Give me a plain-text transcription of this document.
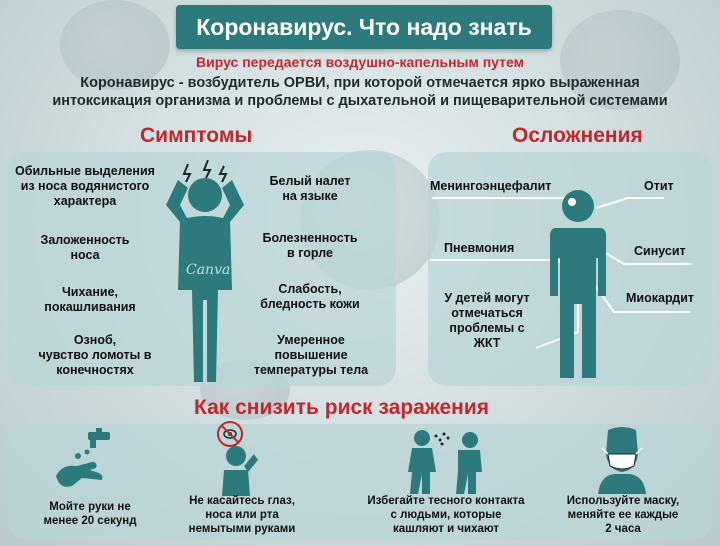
Коронавирус. Что надо знать
Вирус передается воздушно-капельным путем
Коронавирус - возбудитель ОРВИ, при которой отмечается ярко выраженная
интоксикация организма и проблемы с дыхательной и пищеварительной системами
Симптомы
Обильные выделения
из носа водянистого
характера
Заложенность
носа
Чихание,
покашливания
Озноб,
чувство ломоты в
конечностях
Белый налет
на языке
Болезненность
в горле
Слабость,
бледность кожи
Умеренное
повышение
температуры тела
Canva
Осложнения
Менингоэнцефалит	Отит
Пневмония	Синусит
Миокардит
У детей могут
отмечаться
проблемы с
ЖКТ
Как снизить риск заражения
Мойте руки не
менее 20 секунд
Не касайтесь глаз,
носа или рта
немытыми руками
Избегайте тесного контакта
с людьми, которые
кашляют и чихают
Используйте маску,
меняйте ее каждые
2 часа
